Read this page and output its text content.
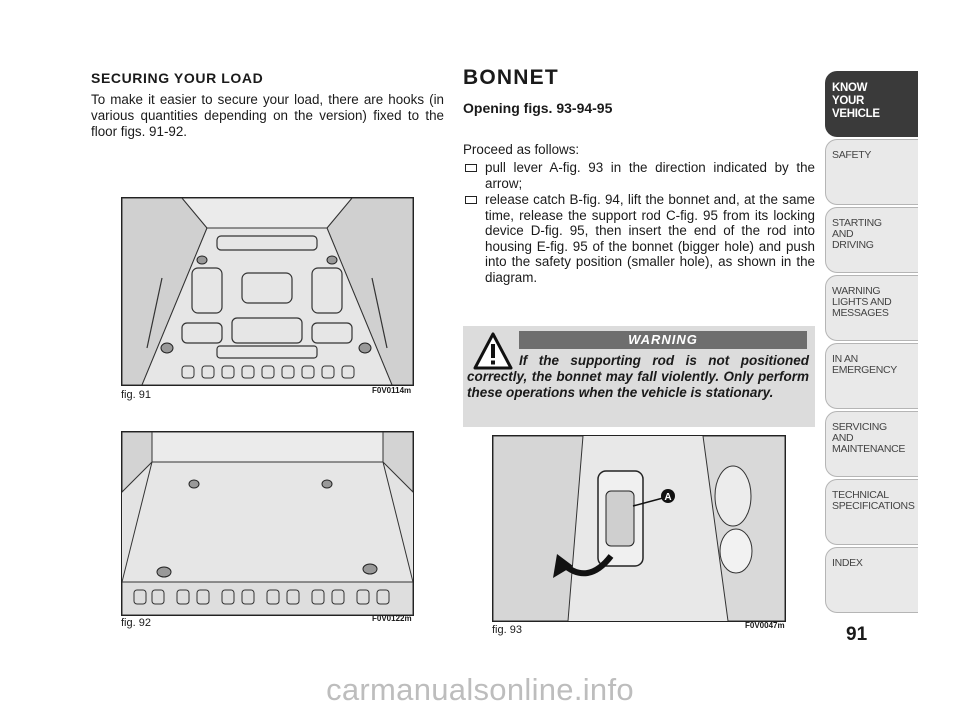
SECURING YOUR LOAD

To make it easier to secure your load, there are hooks (in various quantities depending on the version) fixed to the floor figs. 91-92.

fig. 91	F0V0114m
fig. 92	F0V0122m
BONNET
Opening figs. 93-94-95

Proceed as follows:

pull lever A-fig. 93 in the direction indicated by the arrow;
release catch B-fig. 94, lift the bonnet and, at the same time, release the support rod C-fig. 95 from its locking device D-fig. 95, then insert the end of the rod into housing E-fig. 95 of the bonnet (bigger hole) and push into the safety position (smaller hole), as shown in the diagram.
WARNING
If the supporting rod is not positioned correctly, the bonnet may fall violently. Only perform these operations when the vehicle is stationary.
A
fig. 93	F0V0047m
KNOW
YOUR
VEHICLE
SAFETY
STARTING
AND
DRIVING
WARNING
LIGHTS AND
MESSAGES
IN AN
EMERGENCY
SERVICING
AND
MAINTENANCE
TECHNICAL
SPECIFICATIONS
INDEX
91
carmanualsonline.info
